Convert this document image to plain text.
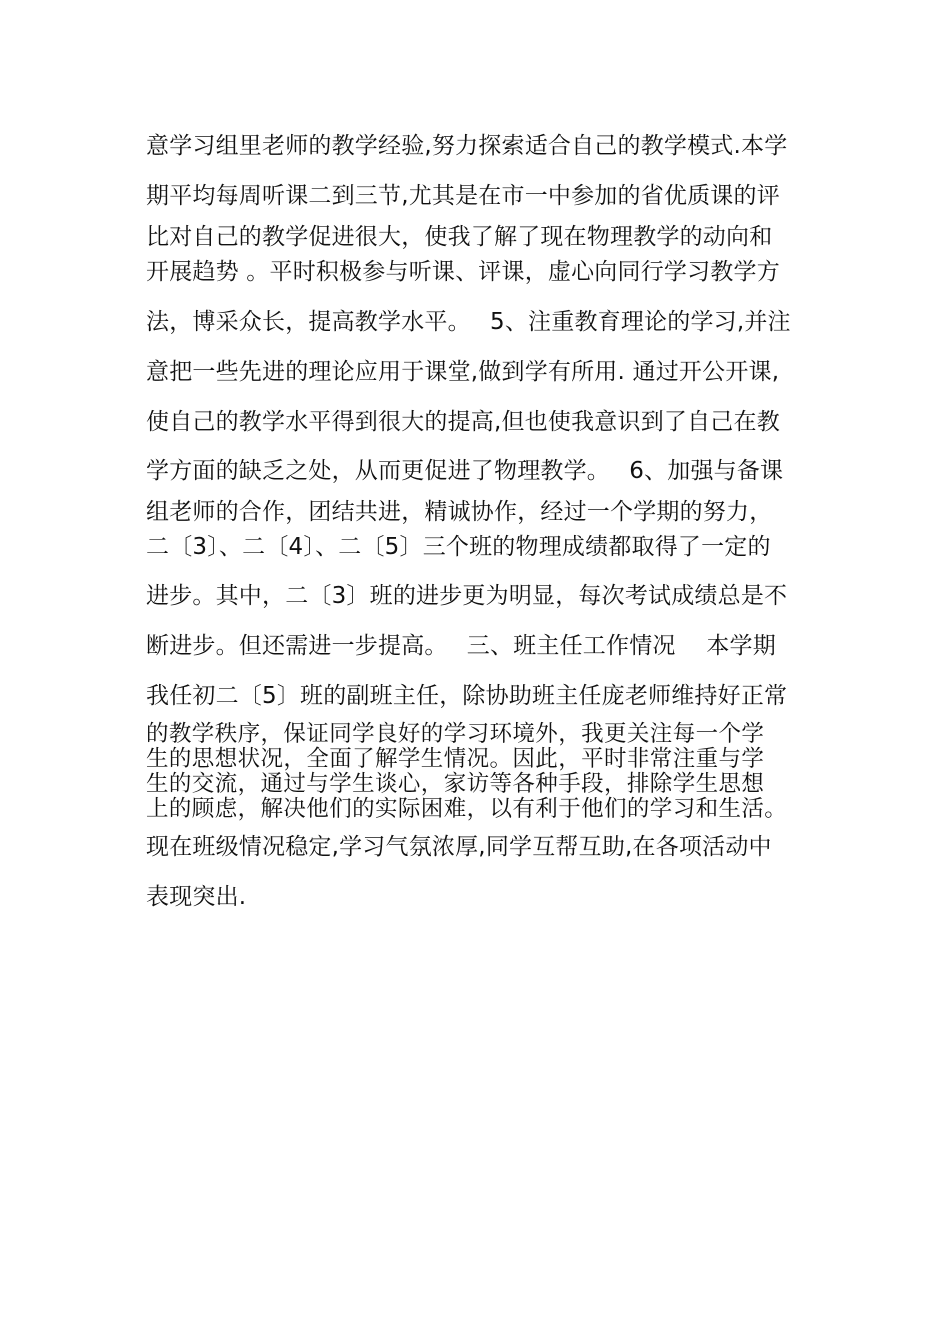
意学习组里老师的教学经验,努力探索适合自己的教学模式.本学
期平均每周听课二到三节,尤其是在市一中参加的省优质课的评
比对自己的教学促进很大，使我了解了现在物理教学的动向和
开展趋势 。平时积极参与听课、评课，虚心向同行学习教学方
法，博采众长，提高教学水平。　 5、注重教育理论的学习,并注
意把一些先进的理论应用于课堂,做到学有所用. 通过开公开课,
使自己的教学水平得到很大的提高,但也使我意识到了自己在教
学方面的缺乏之处，从而更促进了物理教学。　 6、加强与备课
组老师的合作，团结共进，精诚协作，经过一个学期的努力，
二〔3〕、二〔4〕、二〔5〕三个班的物理成绩都取得了一定的
进步。其中，二〔3〕班的进步更为明显，每次考试成绩总是不
断进步。但还需进一步提高。　 三、班主任工作情况　 本学期
我任初二〔5〕班的副班主任，除协助班主任庞老师维持好正常
的教学秩序，保证同学良好的学习环境外，我更关注每一个学
生的思想状况，全面了解学生情况。因此，平时非常注重与学
生的交流，通过与学生谈心，家访等各种手段，排除学生思想
上的顾虑，解决他们的实际困难，以有利于他们的学习和生活。
现在班级情况稳定,学习气氛浓厚,同学互帮互助,在各项活动中
表现突出.
